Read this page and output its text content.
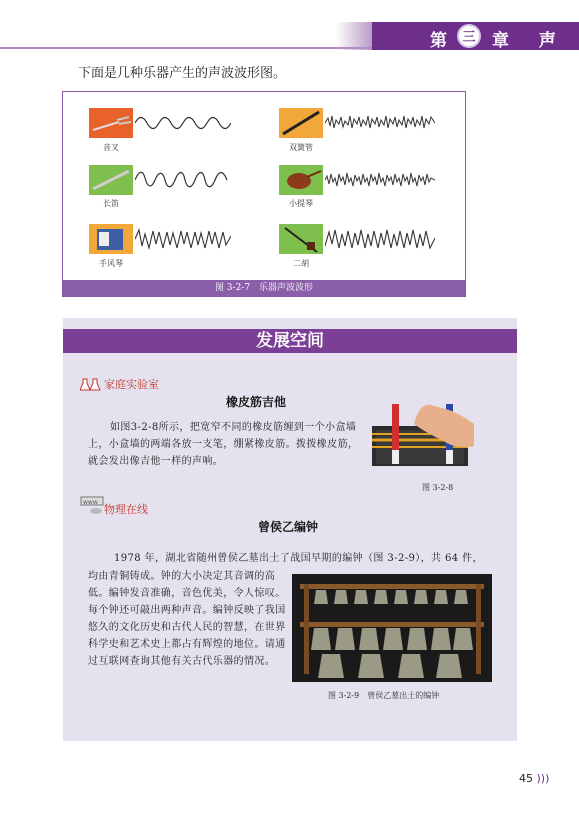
第	三 章 声
下面是几种乐器产生的声波波形图。
音叉
长笛
手风琴
双簧管
小提琴
二胡
图 3-2-7　乐器声波波形
发展空间
家庭实验室
橡皮筋吉他
如图3-2-8所示，把宽窄不同的橡皮筋缠到一个小盒墙上，小盒墙的两端各放一支笔，绷紧橡皮筋。拨拨橡皮筋，就会发出像吉他一样的声响。
图 3-2-8
www
物理在线
曾侯乙编钟
1978 年，湖北省随州曾侯乙墓出土了战国早期的编钟（图 3-2-9），共 64 件，
均由青铜铸成。钟的大小决定其音调的高低。编钟发音准确，音色优美，令人惊叹。每个钟还可敲出两种声音。编钟反映了我国悠久的文化历史和古代人民的智慧，在世界科学史和艺术史上都占有辉煌的地位。请通过互联网查询其他有关古代乐器的情况。
图 3-2-9　曾侯乙墓出土的编钟
45 )))
